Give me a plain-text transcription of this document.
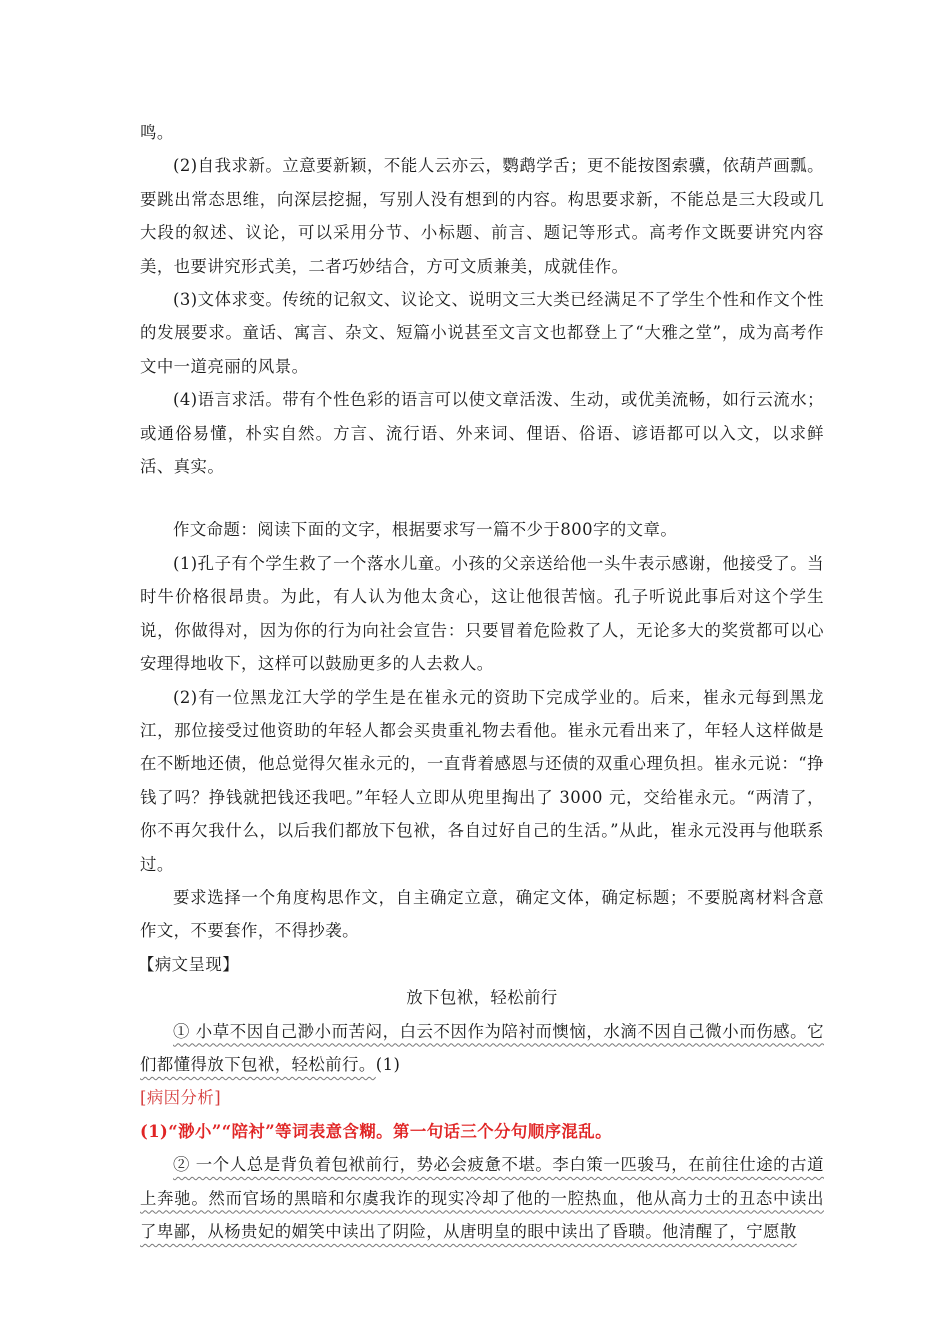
鸣。

(2)自我求新。立意要新颖，不能人云亦云，鹦鹉学舌；更不能按图索骥，依葫芦画瓢。要跳出常态思维，向深层挖掘，写别人没有想到的内容。构思要求新，不能总是三大段或几大段的叙述、议论，可以采用分节、小标题、前言、题记等形式。高考作文既要讲究内容美，也要讲究形式美，二者巧妙结合，方可文质兼美，成就佳作。

(3)文体求变。传统的记叙文、议论文、说明文三大类已经满足不了学生个性和作文个性的发展要求。童话、寓言、杂文、短篇小说甚至文言文也都登上了“大雅之堂”，成为高考作文中一道亮丽的风景。

(4)语言求活。带有个性色彩的语言可以使文章活泼、生动，或优美流畅，如行云流水；或通俗易懂，朴实自然。方言、流行语、外来词、俚语、俗语、谚语都可以入文，以求鲜活、真实。

作文命题：阅读下面的文字，根据要求写一篇不少于800字的文章。

(1)孔子有个学生救了一个落水儿童。小孩的父亲送给他一头牛表示感谢，他接受了。当时牛价格很昂贵。为此，有人认为他太贪心，这让他很苦恼。孔子听说此事后对这个学生说，你做得对，因为你的行为向社会宣告：只要冒着危险救了人，无论多大的奖赏都可以心安理得地收下，这样可以鼓励更多的人去救人。

(2)有一位黑龙江大学的学生是在崔永元的资助下完成学业的。后来，崔永元每到黑龙江，那位接受过他资助的年轻人都会买贵重礼物去看他。崔永元看出来了，年轻人这样做是在不断地还债，他总觉得欠崔永元的，一直背着感恩与还债的双重心理负担。崔永元说：“挣钱了吗？挣钱就把钱还我吧。”年轻人立即从兜里掏出了 3000 元，交给崔永元。“两清了，你不再欠我什么，以后我们都放下包袱，各自过好自己的生活。”从此，崔永元没再与他联系过。

要求选择一个角度构思作文，自主确定立意，确定文体，确定标题；不要脱离材料含意作文，不要套作，不得抄袭。

【病文呈现】

放下包袱，轻松前行

① 小草不因自己渺小而苦闷，白云不因作为陪衬而懊恼，水滴不因自己微小而伤感。它们都懂得放下包袱，轻松前行。(1)

[病因分析]

(1)“渺小”“陪衬”等词表意含糊。第一句话三个分句顺序混乱。

② 一个人总是背负着包袱前行，势必会疲惫不堪。李白策一匹骏马，在前往仕途的古道上奔驰。然而官场的黑暗和尔虞我诈的现实冷却了他的一腔热血，他从高力士的丑态中读出了卑鄙，从杨贵妃的媚笑中读出了阴险，从唐明皇的眼中读出了昏聩。他清醒了，宁愿散
